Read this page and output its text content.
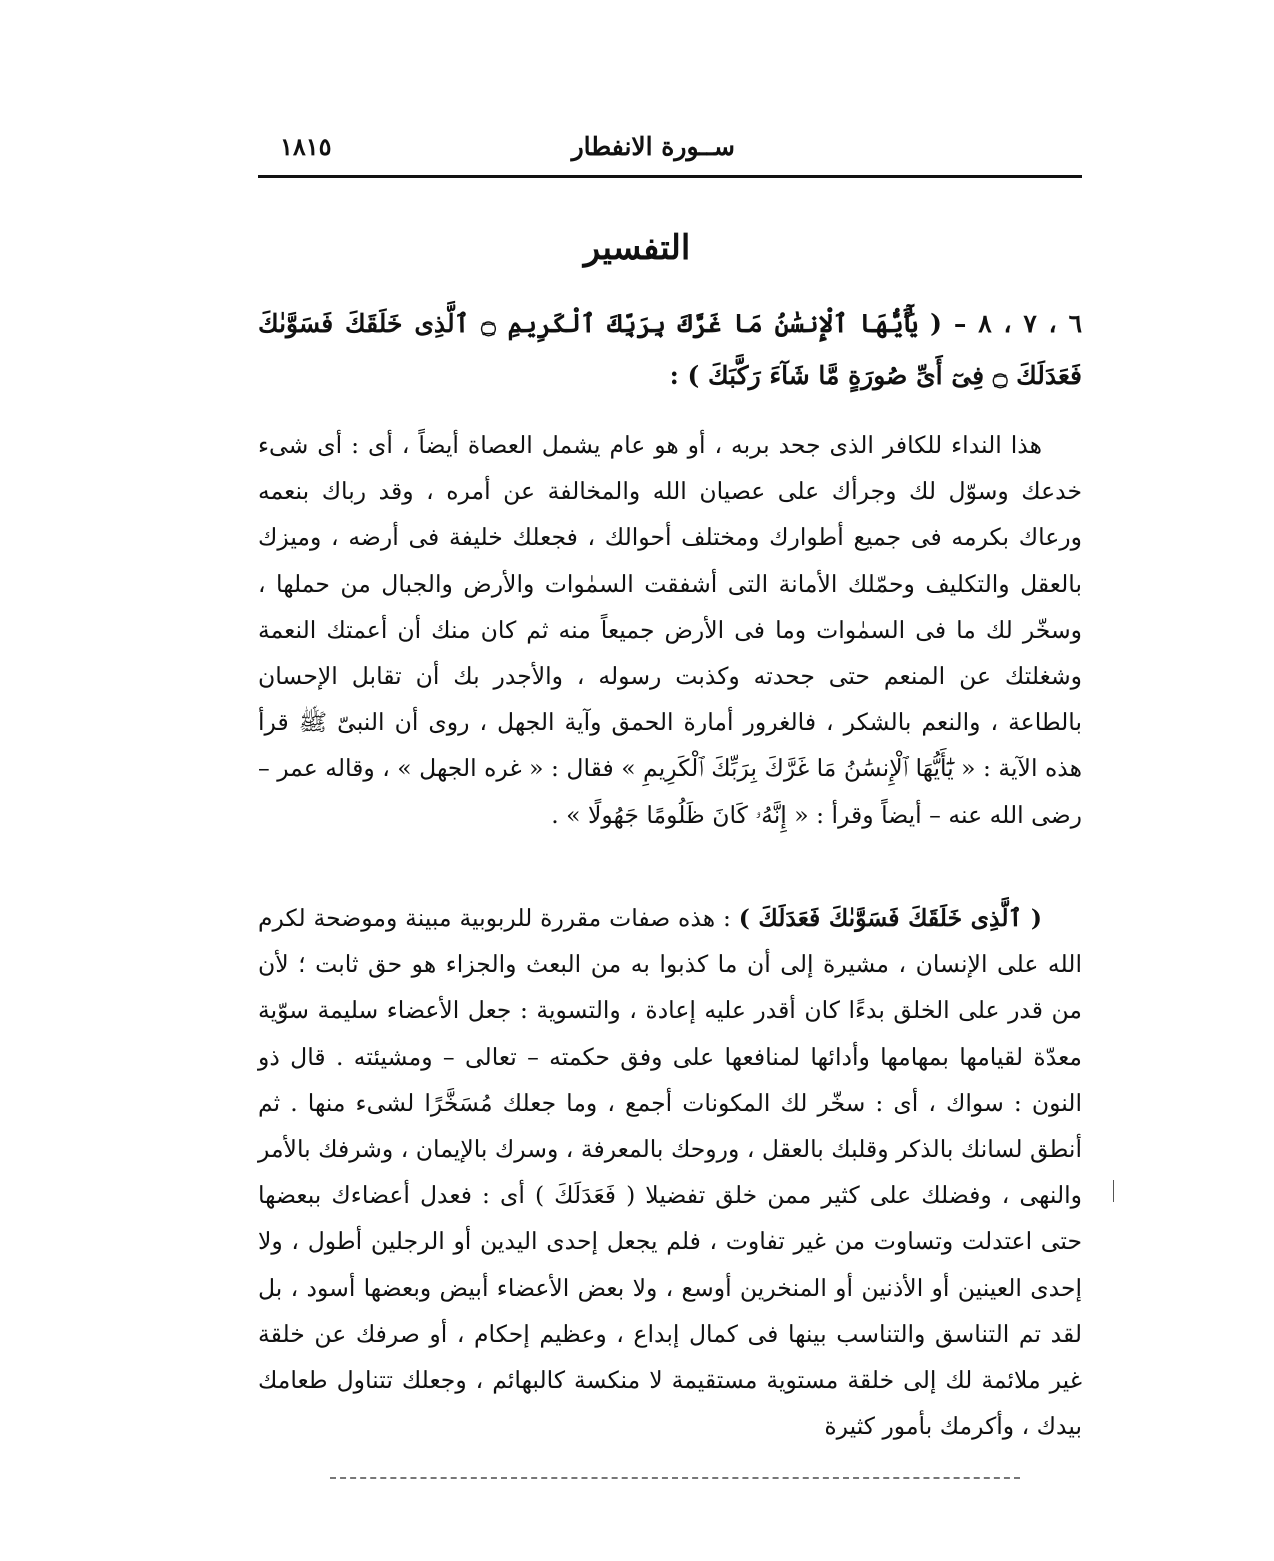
ســورة الانفطار
١٨١٥
التفسير
٦ ، ٧ ، ٨ – ( يَٰٓأَيُّهَا ٱلْإِنسَٰنُ مَا غَرَّكَ بِرَبِّكَ ٱلْكَرِيمِ ۝ ٱلَّذِى خَلَقَكَ فَسَوَّىٰكَ فَعَدَلَكَ ۝ فِىٓ أَىِّ صُورَةٍ مَّا شَآءَ رَكَّبَكَ ) :

هذا النداء للكافر الذى جحد بربه ، أو هو عام يشمل العصاة أيضاً ، أى : أى شىء خدعك وسوّل لك وجرأك على عصيان الله والمخالفة عن أمره ، وقد رباك بنعمه ورعاك بكرمه فى جميع أطوارك ومختلف أحوالك ، فجعلك خليفة فى أرضه ، وميزك بالعقل والتكليف وحمّلك الأمانة التى أشفقت السمٰوات والأرض والجبال من حملها ، وسخّر لك ما فى السمٰوات وما فى الأرض جميعاً منه ثم كان منك أن أعمتك النعمة وشغلتك عن المنعم حتى جحدته وكذبت رسوله ، والأجدر بك أن تقابل الإحسان بالطاعة ، والنعم بالشكر ، فالغرور أمارة الحمق وآية الجهل ، روى أن النبىّ ﷺ قرأ هذه الآية : « يَٰٓأَيُّهَا ٱلْإِنسَٰنُ مَا غَرَّكَ بِرَبِّكَ ٱلْكَرِيمِ » فقال : « غره الجهل » ، وقاله عمر – رضى الله عنه – أيضاً وقرأ : « إِنَّهُۥ كَانَ ظَلُومًا جَهُولًا » .

( ٱلَّذِى خَلَقَكَ فَسَوَّىٰكَ فَعَدَلَكَ ) : هذه صفات مقررة للربوبية مبينة وموضحة لكرم الله على الإنسان ، مشيرة إلى أن ما كذبوا به من البعث والجزاء هو حق ثابت ؛ لأن من قدر على الخلق بدءًا كان أقدر عليه إعادة ، والتسوية : جعل الأعضاء سليمة سوّية معدّة لقيامها بمهامها وأدائها لمنافعها على وفق حكمته – تعالى – ومشيئته . قال ذو النون : سواك ، أى : سخّر لك المكونات أجمع ، وما جعلك مُسَخَّرًا لشىء منها . ثم أنطق لسانك بالذكر وقلبك بالعقل ، وروحك بالمعرفة ، وسرك بالإيمان ، وشرفك بالأمر والنهى ، وفضلك على كثير ممن خلق تفضيلا ( فَعَدَلَكَ ) أى : فعدل أعضاءك ببعضها حتى اعتدلت وتساوت من غير تفاوت ، فلم يجعل إحدى اليدين أو الرجلين أطول ، ولا إحدى العينين أو الأذنين أو المنخرين أوسع ، ولا بعض الأعضاء أبيض وبعضها أسود ، بل لقد تم التناسق والتناسب بينها فى كمال إبداع ، وعظيم إحكام ، أو صرفك عن خلقة غير ملائمة لك إلى خلقة مستوية مستقيمة لا منكسة كالبهائم ، وجعلك تتناول طعامك بيدك ، وأكرمك بأمور كثيرة
